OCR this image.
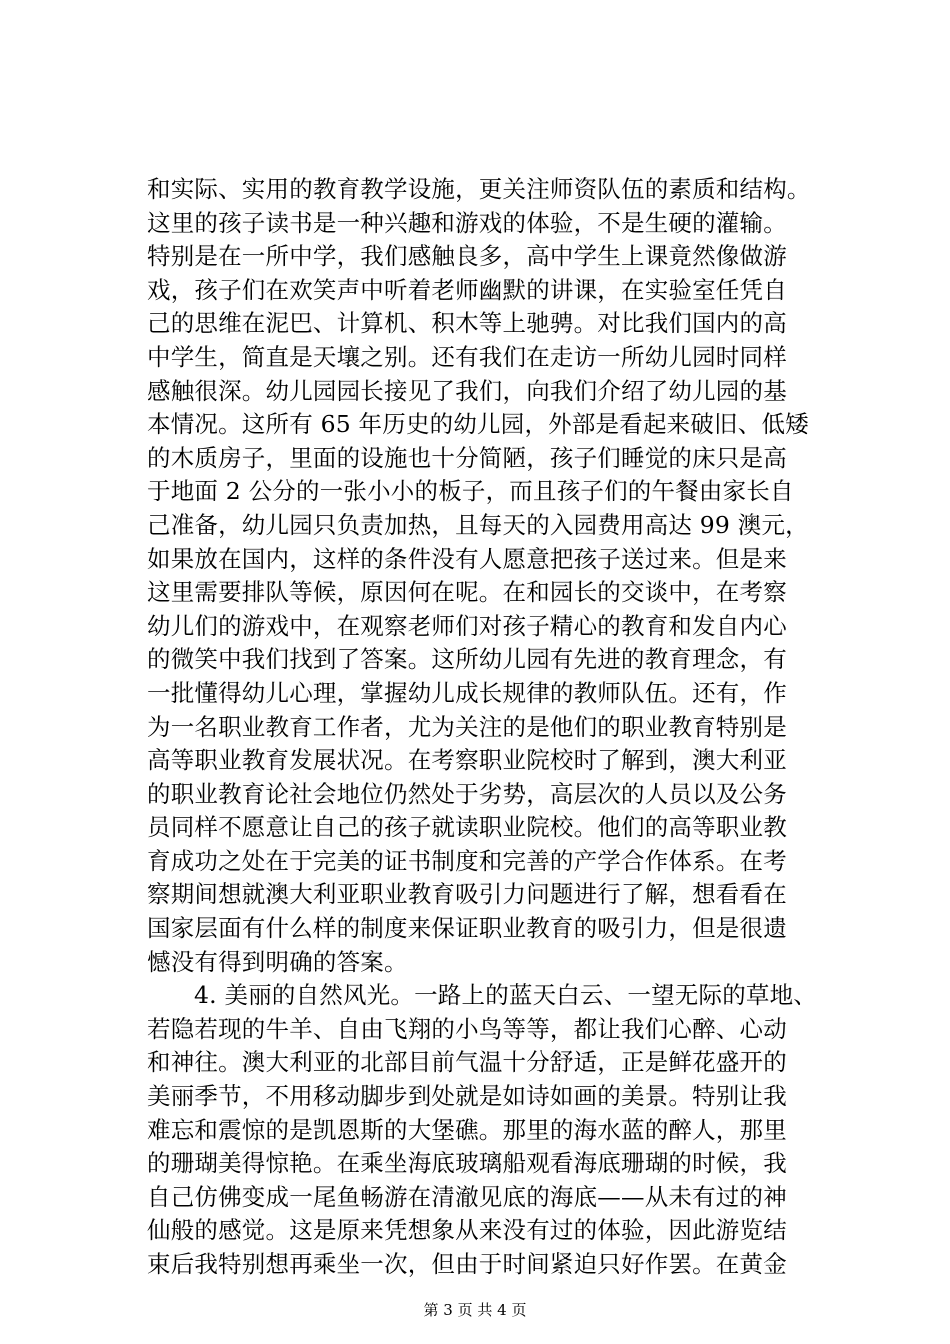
和实际、实用的教育教学设施，更关注师资队伍的素质和结构。
这里的孩子读书是一种兴趣和游戏的体验，不是生硬的灌输。
特别是在一所中学，我们感触良多，高中学生上课竟然像做游
戏，孩子们在欢笑声中听着老师幽默的讲课，在实验室任凭自
己的思维在泥巴、计算机、积木等上驰骋。对比我们国内的高
中学生，简直是天壤之别。还有我们在走访一所幼儿园时同样
感触很深。幼儿园园长接见了我们，向我们介绍了幼儿园的基
本情况。这所有 65 年历史的幼儿园，外部是看起来破旧、低矮
的木质房子，里面的设施也十分简陋，孩子们睡觉的床只是高
于地面 2 公分的一张小小的板子，而且孩子们的午餐由家长自
己准备，幼儿园只负责加热，且每天的入园费用高达 99 澳元，
如果放在国内，这样的条件没有人愿意把孩子送过来。但是来
这里需要排队等候，原因何在呢。在和园长的交谈中，在考察
幼儿们的游戏中，在观察老师们对孩子精心的教育和发自内心
的微笑中我们找到了答案。这所幼儿园有先进的教育理念，有
一批懂得幼儿心理，掌握幼儿成长规律的教师队伍。还有，作
为一名职业教育工作者，尤为关注的是他们的职业教育特别是
高等职业教育发展状况。在考察职业院校时了解到，澳大利亚
的职业教育论社会地位仍然处于劣势，高层次的人员以及公务
员同样不愿意让自己的孩子就读职业院校。他们的高等职业教
育成功之处在于完美的证书制度和完善的产学合作体系。在考
察期间想就澳大利亚职业教育吸引力问题进行了解，想看看在
国家层面有什么样的制度来保证职业教育的吸引力，但是很遗
憾没有得到明确的答案。
4. 美丽的自然风光。一路上的蓝天白云、一望无际的草地、
若隐若现的牛羊、自由飞翔的小鸟等等，都让我们心醉、心动
和神往。澳大利亚的北部目前气温十分舒适，正是鲜花盛开的
美丽季节，不用移动脚步到处就是如诗如画的美景。特别让我
难忘和震惊的是凯恩斯的大堡礁。那里的海水蓝的醉人，那里
的珊瑚美得惊艳。在乘坐海底玻璃船观看海底珊瑚的时候，我
自己仿佛变成一尾鱼畅游在清澈见底的海底——从未有过的神
仙般的感觉。这是原来凭想象从来没有过的体验，因此游览结
束后我特别想再乘坐一次，但由于时间紧迫只好作罢。在黄金
第 3 页 共 4 页
